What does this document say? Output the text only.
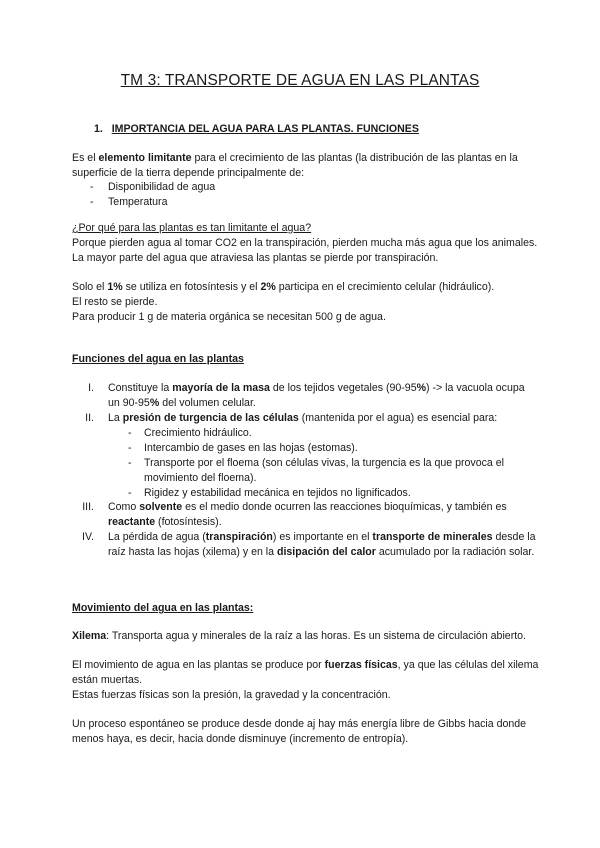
TM 3: TRANSPORTE DE AGUA EN LAS PLANTAS
1. IMPORTANCIA DEL AGUA PARA LAS PLANTAS. FUNCIONES

Es el elemento limitante para el crecimiento de las plantas (la distribución de las plantas en la superficie de la tierra depende principalmente de:

- Disponibilidad de agua
- Temperatura

¿Por qué para las plantas es tan limitante el agua?

Porque pierden agua al tomar CO2 en la transpiración, pierden mucha más agua que los animales. La mayor parte del agua que atraviesa las plantas se pierde por transpiración.

Solo el 1% se utiliza en fotosíntesis y el 2% participa en el crecimiento celular (hidráulico).

El resto se pierde.

Para producir 1 g de materia orgánica se necesitan 500 g de agua.

Funciones del agua en las plantas

I. Constituye la mayoría de la masa de los tejidos vegetales (90-95%) -> la vacuola ocupa un 90-95% del volumen celular.

II. La presión de turgencia de las células (mantenida por el agua) es esencial para:

- Crecimiento hidráulico.
- Intercambio de gases en las hojas (estomas).
- Transporte por el floema (son células vivas, la turgencia es la que provoca el movimiento del floema).
- Rigidez y estabilidad mecánica en tejidos no lignificados.
III. Como solvente es el medio donde ocurren las reacciones bioquímicas, y también es reactante (fotosíntesis).

IV. La pérdida de agua (transpiración) es importante en el transporte de minerales desde la raíz hasta las hojas (xilema) y en la disipación del calor acumulado por la radiación solar.

Movimiento del agua en las plantas:

Xilema: Transporta agua y minerales de la raíz a las horas. Es un sistema de circulación abierto.

El movimiento de agua en las plantas se produce por fuerzas físicas, ya que las células del xilema están muertas.

Estas fuerzas físicas son la presión, la gravedad y la concentración.

Un proceso espontáneo se produce desde donde aj hay más energía libre de Gibbs hacia donde menos haya, es decir, hacia donde disminuye (incremento de entropía).
